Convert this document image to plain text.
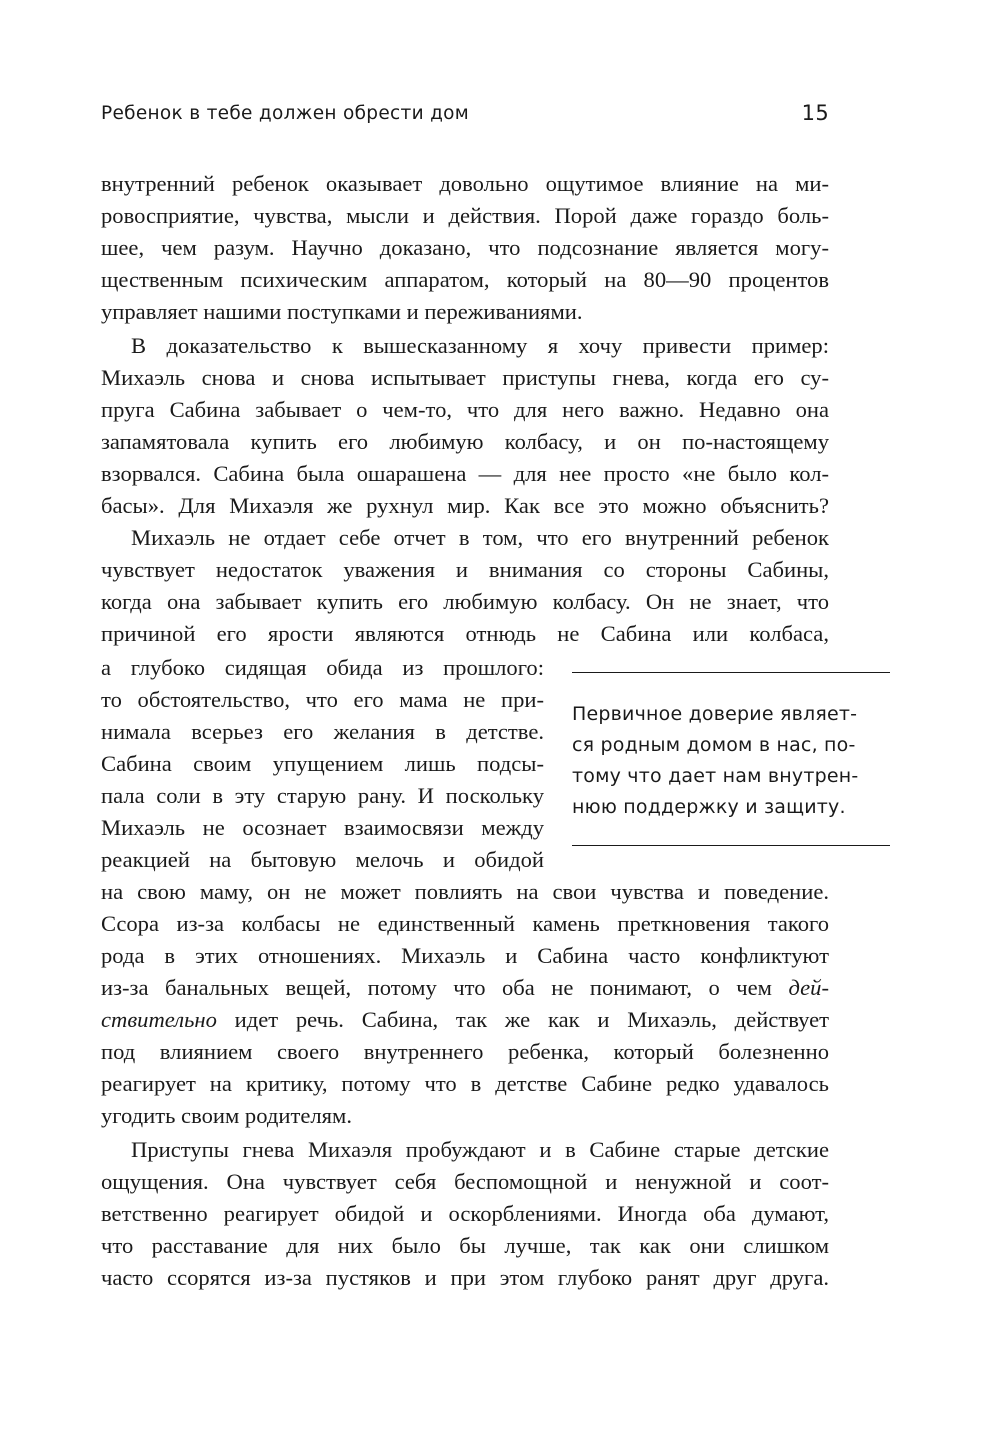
Ребенок в тебе должен обрести дом	15
внутренний ребенок оказывает довольно ощутимое влияние на ми-
ровосприятие, чувства, мысли и действия. Порой даже гораздо боль-
шее, чем разум. Научно доказано, что подсознание является могу-
щественным психическим аппаратом, который на 80—90 процентов
управляет нашими поступками и переживаниями.
В доказательство к вышесказанному я хочу привести пример:
Михаэль снова и снова испытывает приступы гнева, когда его су-
пруга Сабина забывает о чем-то, что для него важно. Недавно она
запамятовала купить его любимую колбасу, и он по-настоящему
взорвался. Сабина была ошарашена — для нее просто «не было кол-
басы». Для Михаэля же рухнул мир. Как все это можно объяснить?
Михаэль не отдает себе отчет в том, что его внутренний ребенок
чувствует недостаток уважения и внимания со стороны Сабины,
когда она забывает купить его любимую колбасу. Он не знает, что
причиной его ярости являются отнюдь не Сабина или колбаса,
а глубоко сидящая обида из прошлого:
то обстоятельство, что его мама не при-
нимала всерьез его желания в детстве.
Сабина своим упущением лишь подсы-
пала соли в эту старую рану. И поскольку
Михаэль не осознает взаимосвязи между
реакцией на бытовую мелочь и обидой
на свою маму, он не может повлиять на свои чувства и поведение.
Ссора из-за колбасы не единственный камень преткновения такого
рода в этих отношениях. Михаэль и Сабина часто конфликтуют
из-за банальных вещей, потому что оба не понимают, о чем дей-
ствительно идет речь. Сабина, так же как и Михаэль, действует
под влиянием своего внутреннего ребенка, который болезненно
реагирует на критику, потому что в детстве Сабине редко удавалось
угодить своим родителям.
Приступы гнева Михаэля пробуждают и в Сабине старые детские
ощущения. Она чувствует себя беспомощной и ненужной и соот-
ветственно реагирует обидой и оскорблениями. Иногда оба думают,
что расставание для них было бы лучше, так как они слишком
часто ссорятся из-за пустяков и при этом глубоко ранят друг друга.
Первичное доверие являет-
ся родным домом в нас, по-
тому что дает нам внутрен-
нюю поддержку и защиту.
